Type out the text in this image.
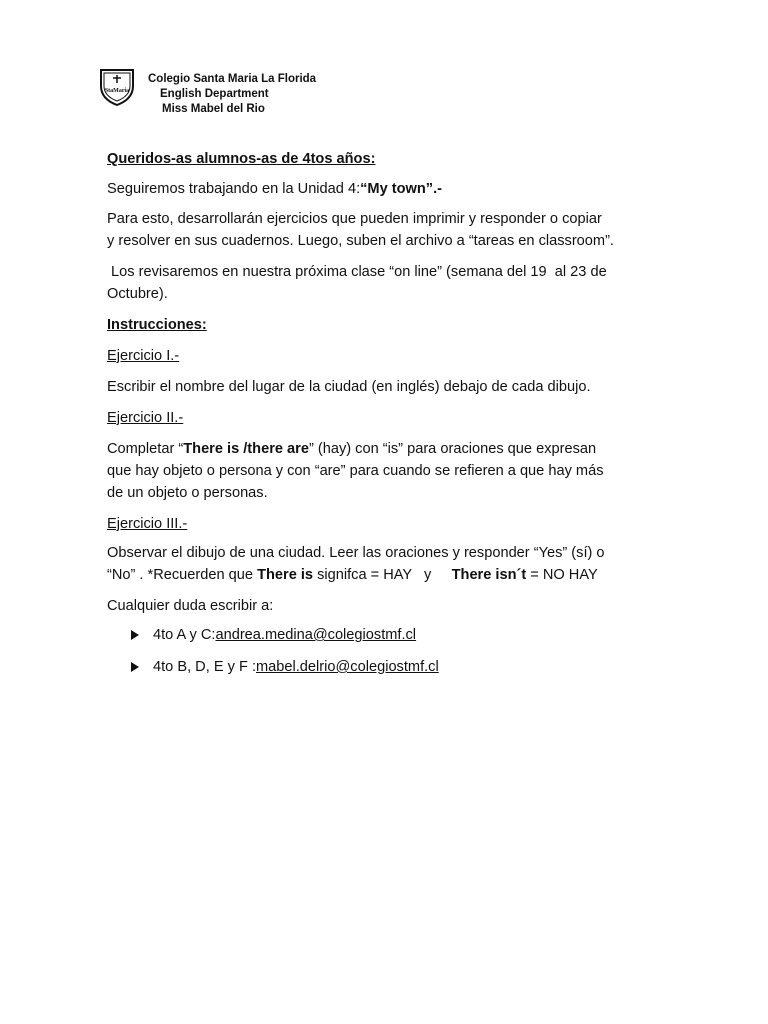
StaMaria
Colegio Santa Maria La Florida
English Department
Miss Mabel del Rio
Queridos-as alumnos-as de 4tos años:
Seguiremos trabajando en la Unidad 4:“My town”.-
Para esto, desarrollarán ejercicios que pueden imprimir y responder o copiar
y resolver en sus cuadernos. Luego, suben el archivo a “tareas en classroom”.
Los revisaremos en nuestra próxima clase “on line” (semana del 19  al 23 de
Octubre).
Instrucciones:
Ejercicio I.-
Escribir el nombre del lugar de la ciudad (en inglés) debajo de cada dibujo.
Ejercicio II.-
Completar “There is /there are” (hay) con “is” para oraciones que expresan
que hay objeto o persona y con “are” para cuando se refieren a que hay más
de un objeto o personas.
Ejercicio III.-
Observar el dibujo de una ciudad. Leer las oraciones y responder “Yes” (sí) o
“No” . *Recuerden que There is signifca = HAY   y     There isn´t = NO HAY
Cualquier duda escribir a:
4to A y C: andrea.medina@colegiostmf.cl
4to B, D, E y F : mabel.delrio@colegiostmf.cl
